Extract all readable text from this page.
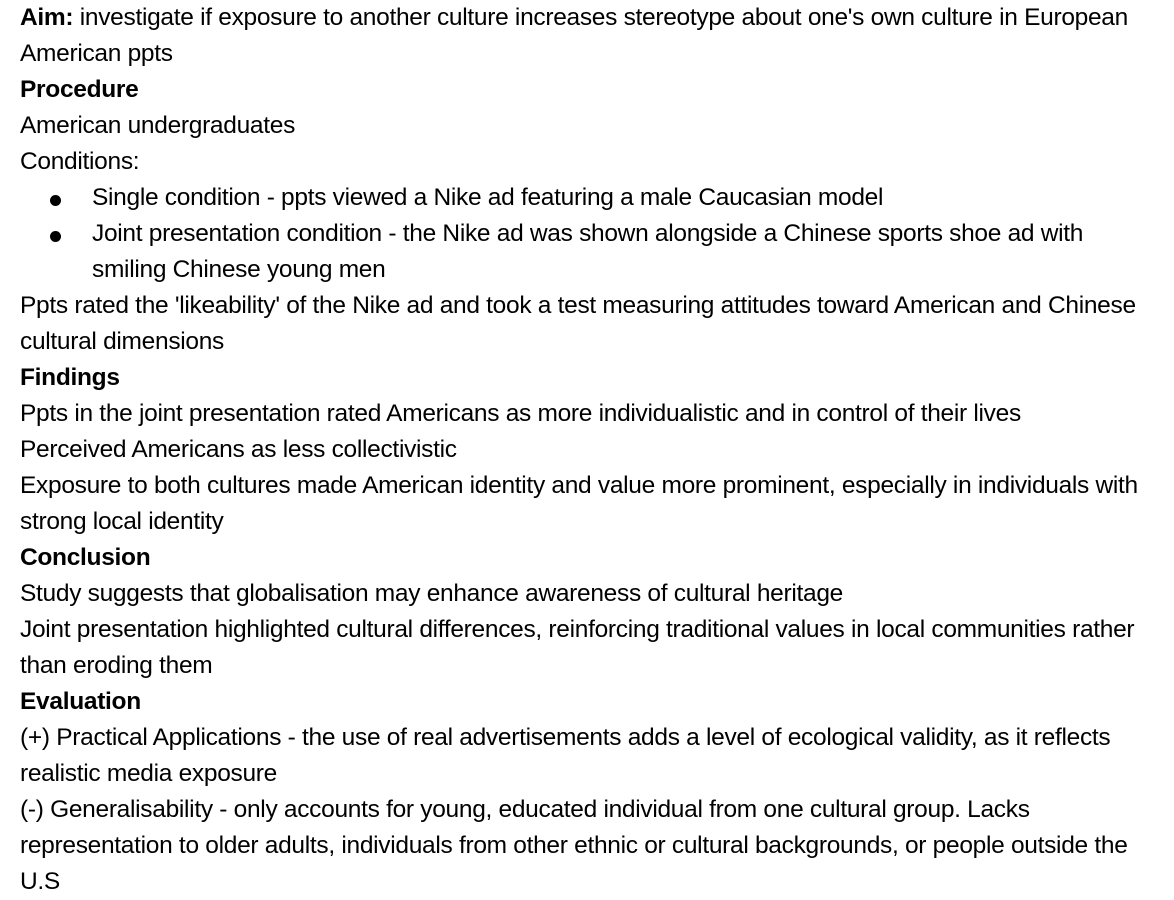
Aim: investigate if exposure to another culture increases stereotype about one's own culture in European American ppts

Procedure

American undergraduates

Conditions:

Single condition - ppts viewed a Nike ad featuring a male Caucasian model
Joint presentation condition - the Nike ad was shown alongside a Chinese sports shoe ad with smiling Chinese young men

Ppts rated the 'likeability' of the Nike ad and took a test measuring attitudes toward American and Chinese cultural dimensions

Findings

Ppts in the joint presentation rated Americans as more individualistic and in control of their lives

Perceived Americans as less collectivistic

Exposure to both cultures made American identity and value more prominent, especially in individuals with strong local identity

Conclusion

Study suggests that globalisation may enhance awareness of cultural heritage

Joint presentation highlighted cultural differences, reinforcing traditional values in local communities rather than eroding them

Evaluation

(+) Practical Applications - the use of real advertisements adds a level of ecological validity, as it reflects realistic media exposure

(-) Generalisability - only accounts for young, educated individual from one cultural group. Lacks representation to older adults, individuals from other ethnic or cultural backgrounds, or people outside the U.S
